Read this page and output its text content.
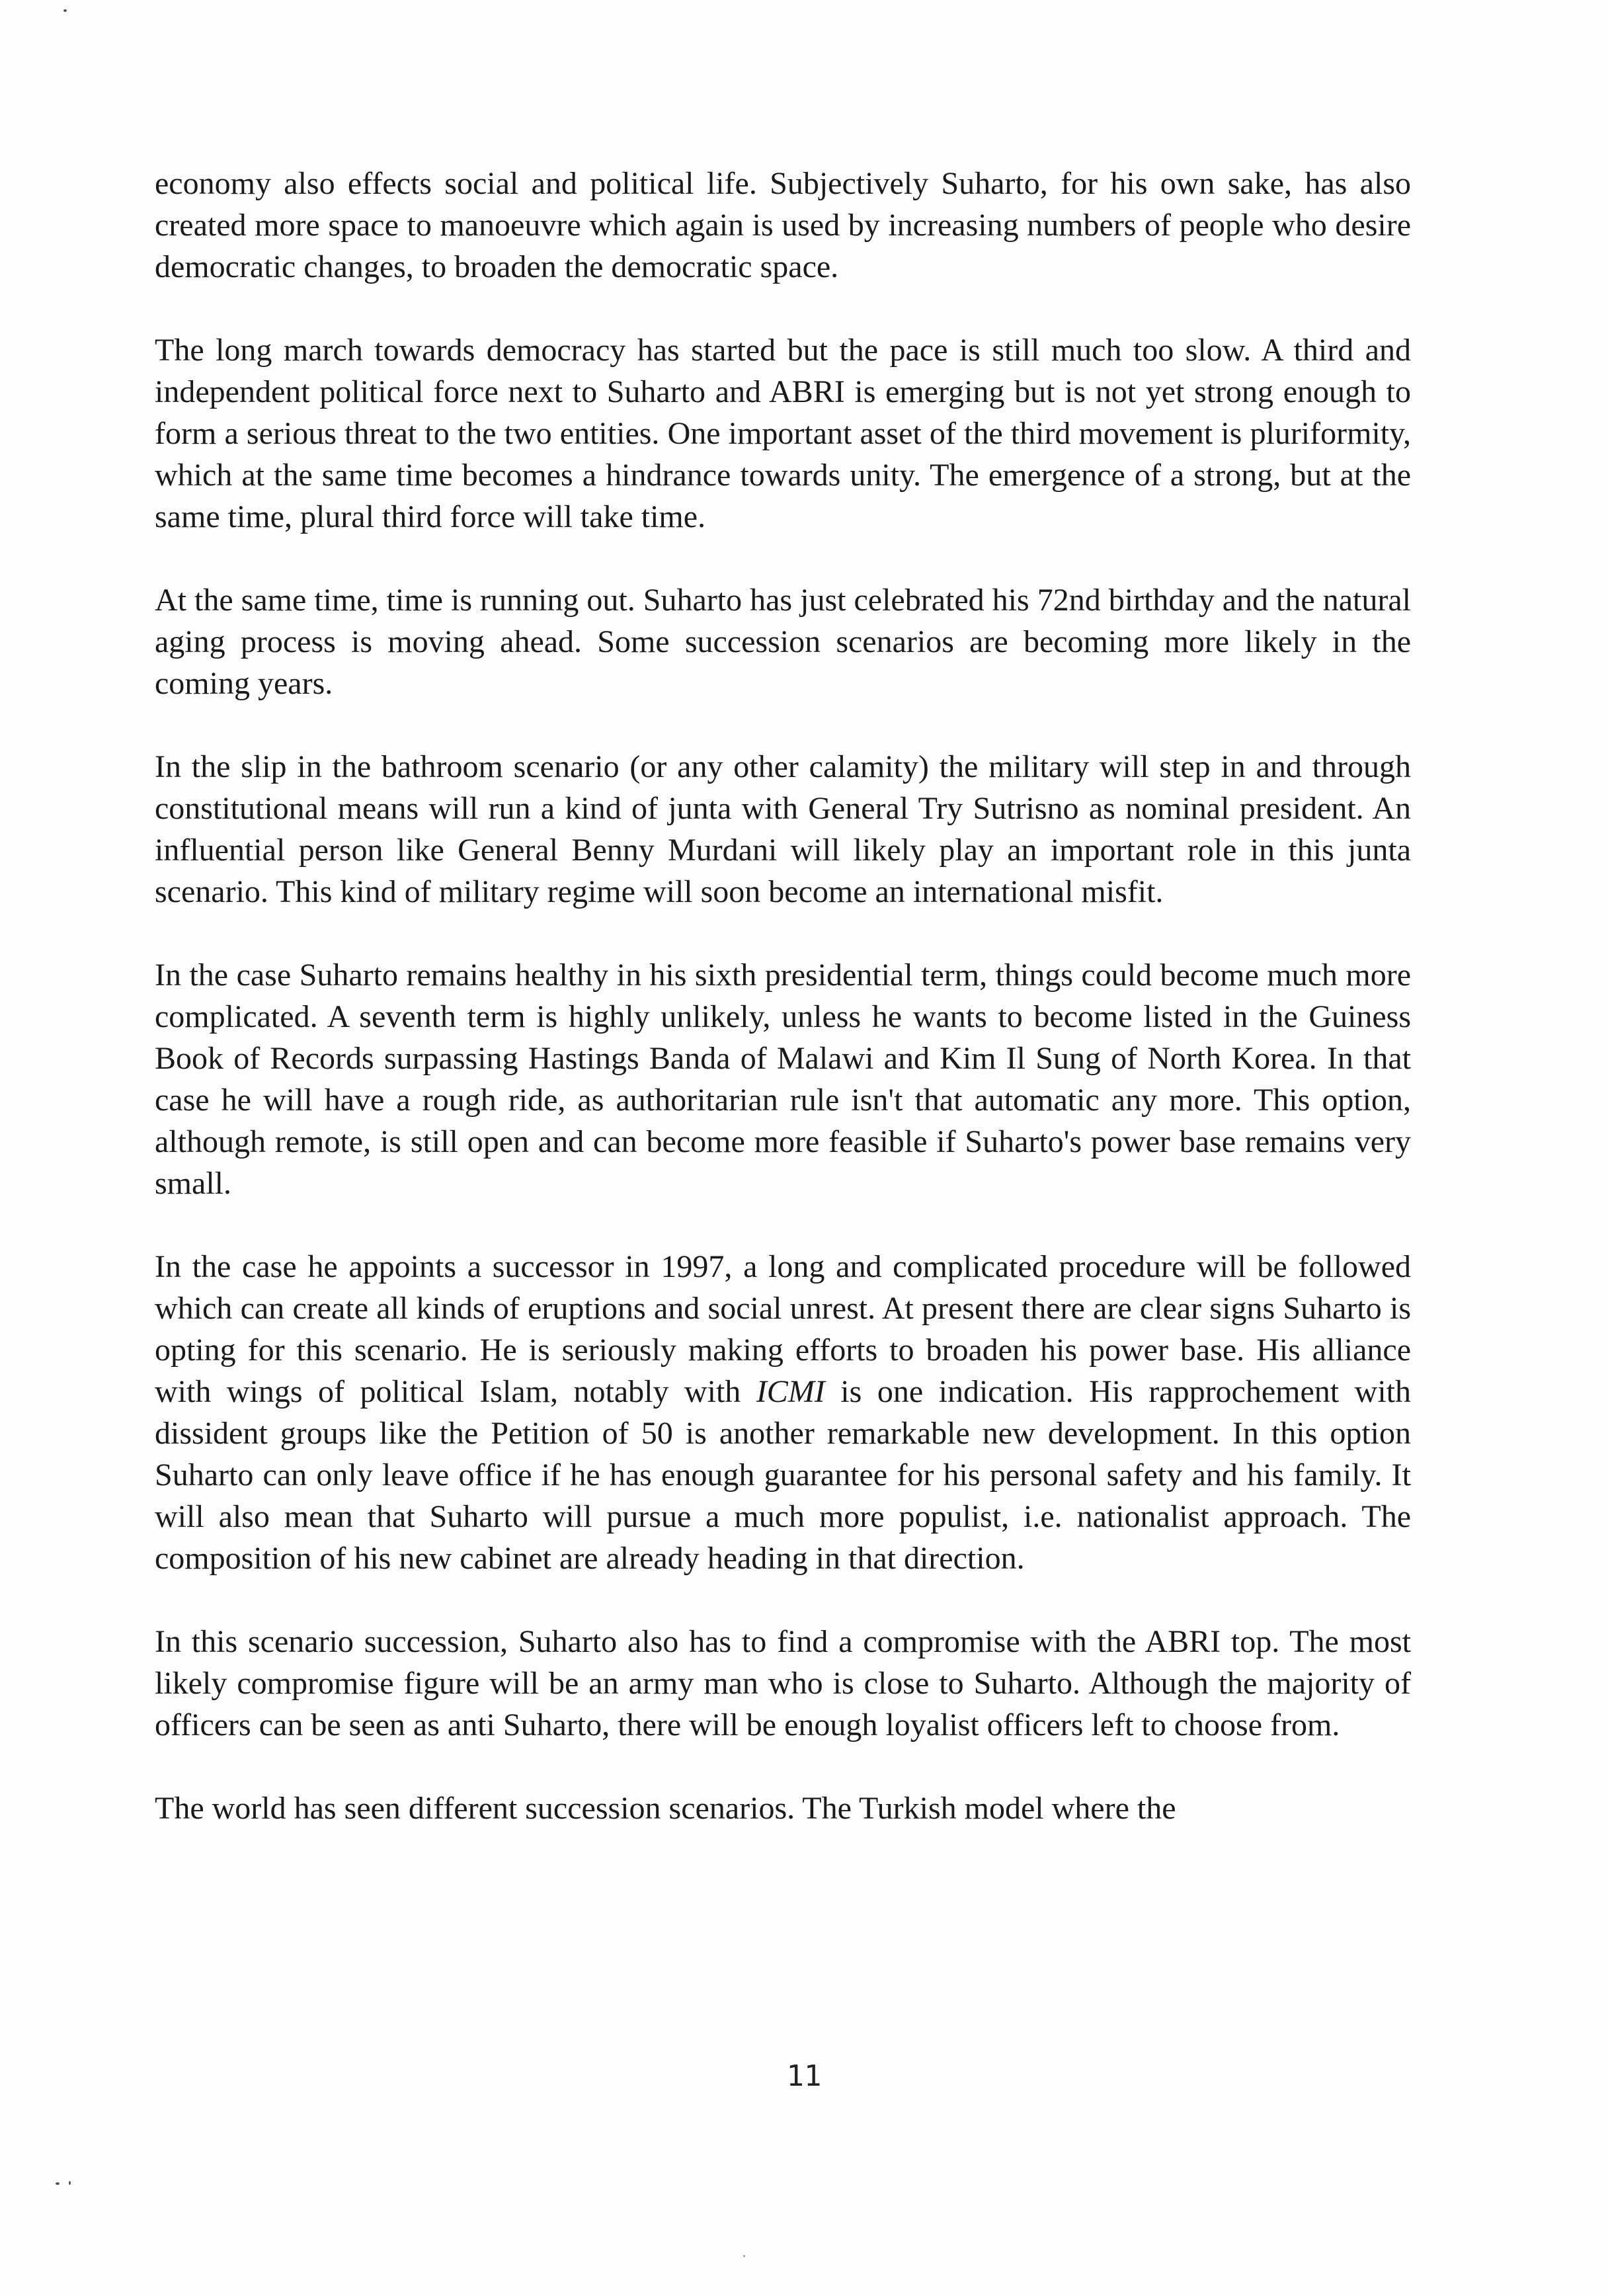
economy also effects social and political life. Subjectively Suharto, for his own sake, has also created more space to manoeuvre which again is used by increasing numbers of people who desire democratic changes, to broaden the democratic space.

The long march towards democracy has started but the pace is still much too slow. A third and independent political force next to Suharto and ABRI is emerging but is not yet strong enough to form a serious threat to the two entities. One important asset of the third movement is pluriformity, which at the same time becomes a hindrance towards unity. The emergence of a strong, but at the same time, plural third force will take time.

At the same time, time is running out. Suharto has just celebrated his 72nd birthday and the natural aging process is moving ahead. Some succession scenarios are becoming more likely in the coming years.

In the slip in the bathroom scenario (or any other calamity) the military will step in and through constitutional means will run a kind of junta with General Try Sutrisno as nominal president. An influential person like General Benny Murdani will likely play an important role in this junta scenario. This kind of military regime will soon become an international misfit.

In the case Suharto remains healthy in his sixth presidential term, things could become much more complicated. A seventh term is highly unlikely, unless he wants to become listed in the Guiness Book of Records surpassing Hastings Banda of Malawi and Kim Il Sung of North Korea. In that case he will have a rough ride, as authoritarian rule isn't that automatic any more. This option, although remote, is still open and can become more feasible if Suharto's power base remains very small.

In the case he appoints a successor in 1997, a long and complicated procedure will be followed which can create all kinds of eruptions and social unrest. At present there are clear signs Suharto is opting for this scenario. He is seriously making efforts to broaden his power base. His alliance with wings of political Islam, notably with ICMI is one indication. His rapprochement with dissident groups like the Petition of 50 is another remarkable new development. In this option Suharto can only leave office if he has enough guarantee for his personal safety and his family. It will also mean that Suharto will pursue a much more populist, i.e. nationalist approach. The composition of his new cabinet are already heading in that direction.

In this scenario succession, Suharto also has to find a compromise with the ABRI top. The most likely compromise figure will be an army man who is close to Suharto. Although the majority of officers can be seen as anti Suharto, there will be enough loyalist officers left to choose from.

The world has seen different succession scenarios. The Turkish model where the

11
